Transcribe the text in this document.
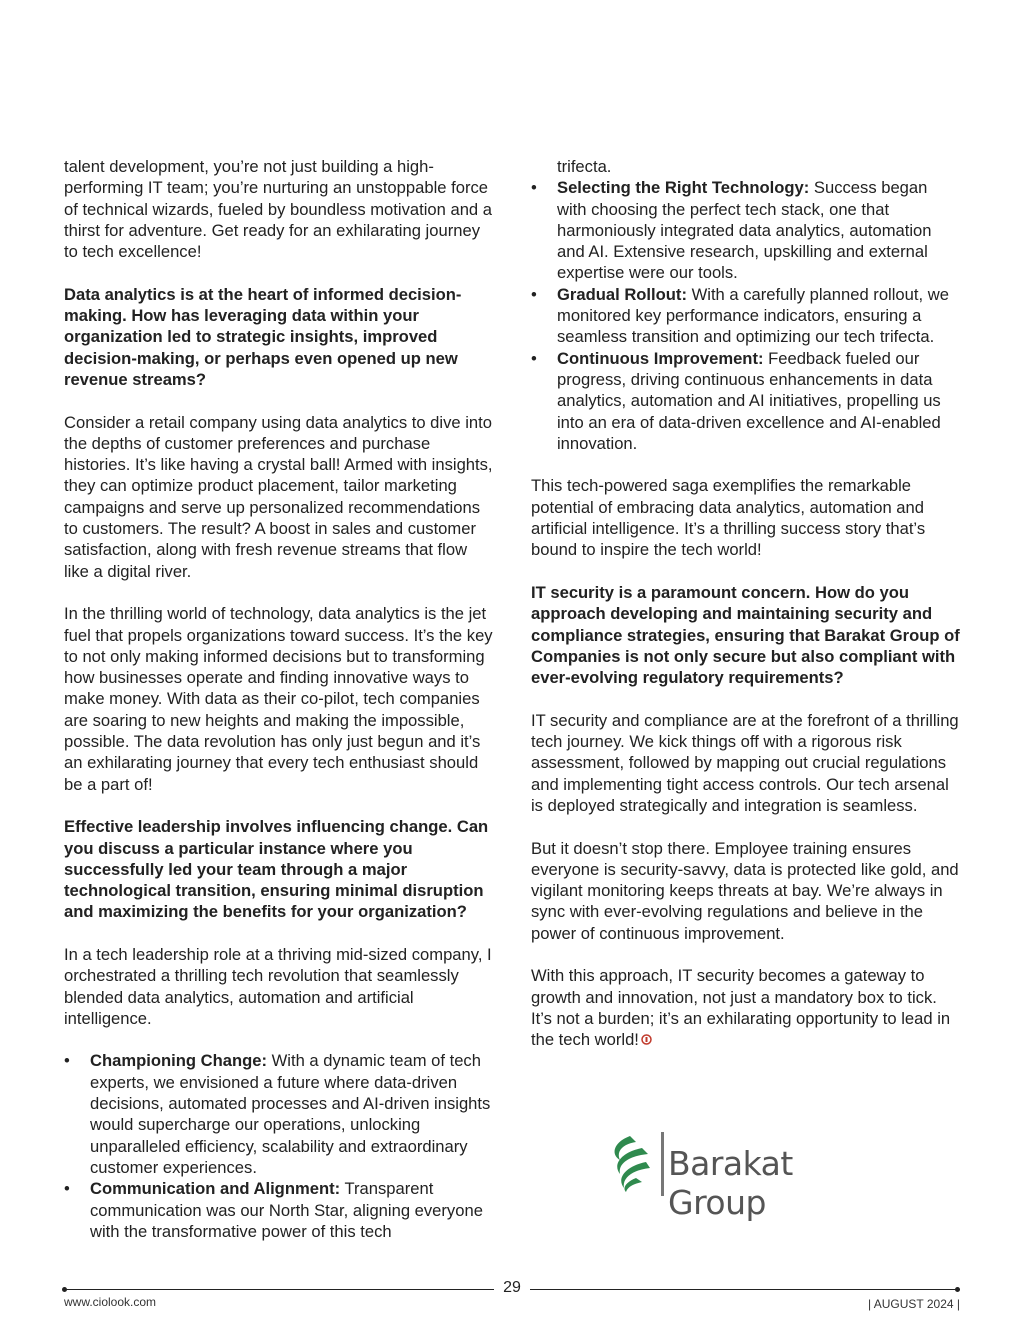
talent development, you’re not just building a high-performing IT team; you’re nurturing an unstoppable force of technical wizards, fueled by boundless motivation and a thirst for adventure. Get ready for an exhilarating journey to tech excellence!

Data analytics is at the heart of informed decision-making. How has leveraging data within your organization led to strategic insights, improved decision-making, or perhaps even opened up new revenue streams?

Consider a retail company using data analytics to dive into the depths of customer preferences and purchase histories. It’s like having a crystal ball! Armed with insights, they can optimize product placement, tailor marketing campaigns and serve up personalized recommendations to customers. The result? A boost in sales and customer satisfaction, along with fresh revenue streams that flow like a digital river.

In the thrilling world of technology, data analytics is the jet fuel that propels organizations toward success. It’s the key to not only making informed decisions but to transforming how businesses operate and finding innovative ways to make money. With data as their co-pilot, tech companies are soaring to new heights and making the impossible, possible. The data revolution has only just begun and it’s an exhilarating journey that every tech enthusiast should be a part of!

Effective leadership involves influencing change. Can you discuss a particular instance where you successfully led your team through a major technological transition, ensuring minimal disruption and maximizing the benefits for your organization?

In a tech leadership role at a thriving mid-sized company, I orchestrated a thrilling tech revolution that seamlessly blended data analytics, automation and artificial intelligence.

• Championing Change: With a dynamic team of tech experts, we envisioned a future where data-driven decisions, automated processes and AI-driven insights would supercharge our operations, unlocking unparalleled efficiency, scalability and extraordinary customer experiences.
• Communication and Alignment: Transparent communication was our North Star, aligning everyone with the transformative power of this tech

trifecta.

• Selecting the Right Technology: Success began with choosing the perfect tech stack, one that harmoniously integrated data analytics, automation and AI. Extensive research, upskilling and external expertise were our tools.
• Gradual Rollout: With a carefully planned rollout, we monitored key performance indicators, ensuring a seamless transition and optimizing our tech trifecta.
• Continuous Improvement: Feedback fueled our progress, driving continuous enhancements in data analytics, automation and AI initiatives, propelling us into an era of data-driven excellence and AI-enabled innovation.

This tech-powered saga exemplifies the remarkable potential of embracing data analytics, automation and artificial intelligence. It’s a thrilling success story that’s bound to inspire the tech world!

IT security is a paramount concern. How do you approach developing and maintaining security and compliance strategies, ensuring that Barakat Group of Companies is not only secure but also compliant with ever-evolving regulatory requirements?

IT security and compliance are at the forefront of a thrilling tech journey. We kick things off with a rigorous risk assessment, followed by mapping out crucial regulations and implementing tight access controls. Our tech arsenal is deployed strategically and integration is seamless.

But it doesn’t stop there. Employee training ensures everyone is security-savvy, data is protected like gold, and vigilant monitoring keeps threats at bay. We’re always in sync with ever-evolving regulations and believe in the power of continuous improvement.

With this approach, IT security becomes a gateway to growth and innovation, not just a mandatory box to tick. It’s not a burden; it’s an exhilarating opportunity to lead in the tech world!

Barakat Group
29
www.ciolook.com	| AUGUST 2024 |
